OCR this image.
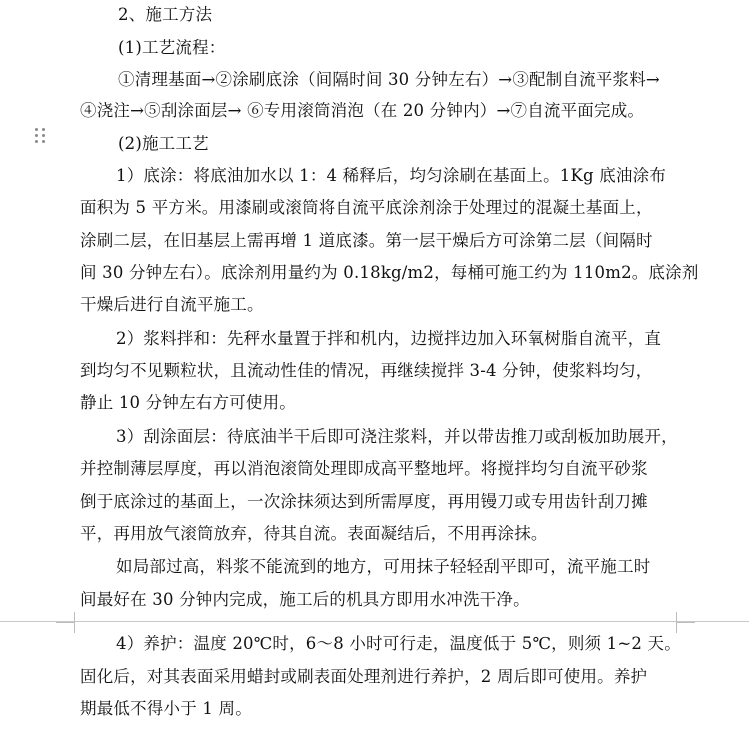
2、施工方法
(1)工艺流程：
①清理基面→②涂刷底涂（间隔时间 30 分钟左右）→③配制自流平浆料→
④浇注→⑤刮涂面层→ ⑥专用滚筒消泡（在 20 分钟内）→⑦自流平面完成。
(2)施工工艺
1）底涂：将底油加水以 1：4 稀释后，均匀涂刷在基面上。1Kg 底油涂布
面积为 5 平方米。用漆刷或滚筒将自流平底涂剂涂于处理过的混凝土基面上，
涂刷二层，在旧基层上需再增 1 道底漆。第一层干燥后方可涂第二层（间隔时
间 30 分钟左右）。底涂剂用量约为 0.18kg/m2，每桶可施工约为 110m2。底涂剂
干燥后进行自流平施工。
2）浆料拌和：先秤水量置于拌和机内，边搅拌边加入环氧树脂自流平，直
到均匀不见颗粒状，且流动性佳的情况，再继续搅拌 3-4 分钟，使浆料均匀，
静止 10 分钟左右方可使用。
3）刮涂面层：待底油半干后即可浇注浆料，并以带齿推刀或刮板加助展开，
并控制薄层厚度，再以消泡滚筒处理即成高平整地坪。将搅拌均匀自流平砂浆
倒于底涂过的基面上，一次涂抹须达到所需厚度，再用镘刀或专用齿针刮刀摊
平，再用放气滚筒放弃，待其自流。表面凝结后，不用再涂抹。
如局部过高，料浆不能流到的地方，可用抹子轻轻刮平即可，流平施工时
间最好在 30 分钟内完成，施工后的机具方即用水冲洗干净。
4）养护：温度 20℃时，6～8 小时可行走，温度低于 5℃，则须 1~2 天。
固化后，对其表面采用蜡封或刷表面处理剂进行养护，2 周后即可使用。养护
期最低不得小于 1 周。
